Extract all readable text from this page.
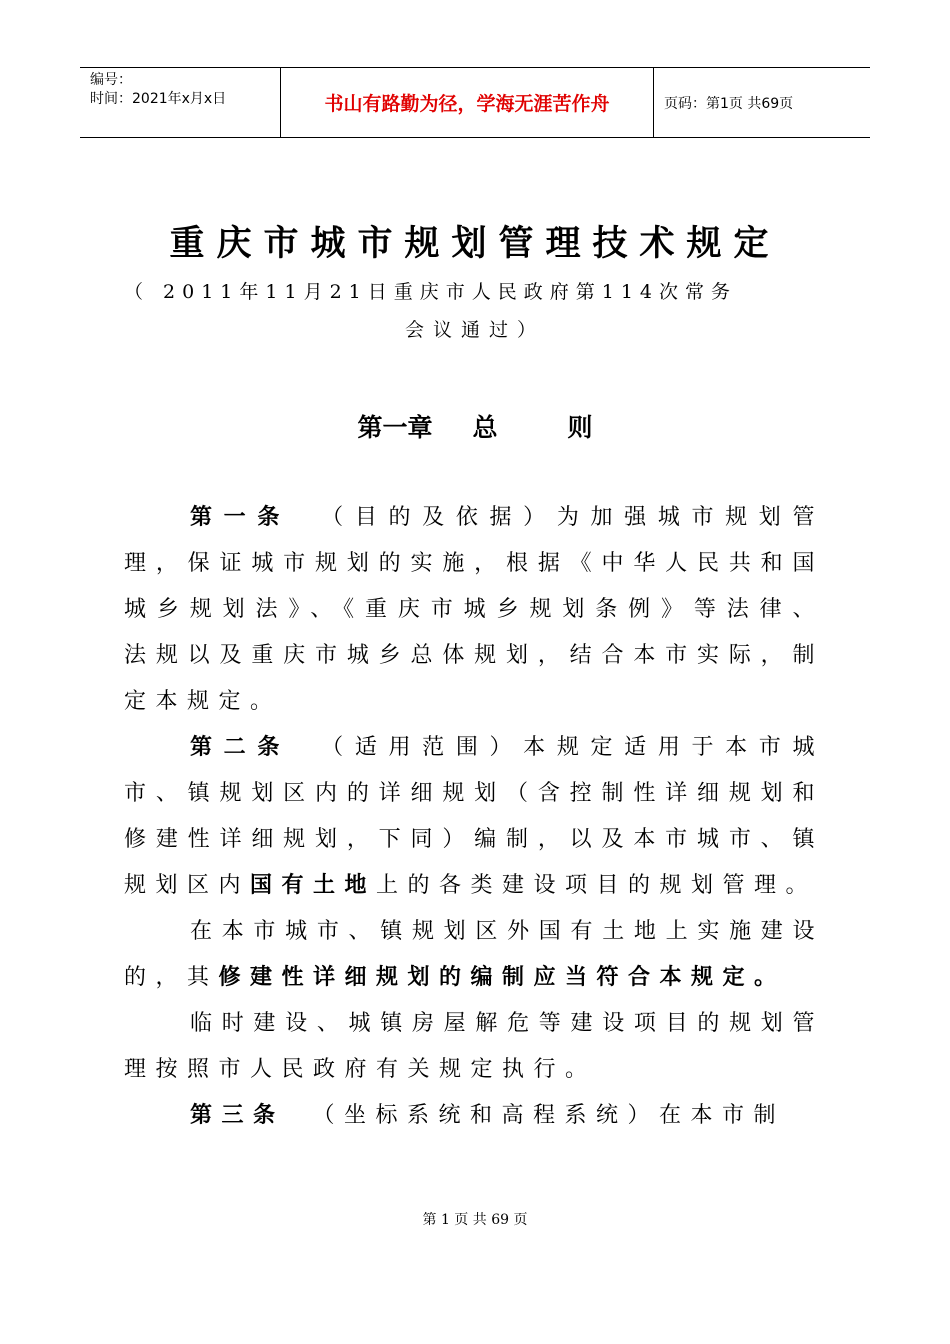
编号：
时间：2021年x月x日	书山有路勤为径，学海无涯苦作舟	页码：第1页 共69页
重庆市城市规划管理技术规定
（ 2011年11月21日重庆市人民政府第114次常务
会议通过）
第一章 总	则

第一条 （目的及依据）为加强城市规划管理，保证城市规划的实施，根据《中华人民共和国城乡规划法》、《重庆市城乡规划条例》等法律、法规以及重庆市城乡总体规划，结合本市实际，制定本规定。

第二条 （适用范围）本规定适用于本市城市、镇规划区内的详细规划（含控制性详细规划和修建性详细规划，下同）编制，以及本市城市、镇规划区内国有土地上的各类建设项目的规划管理。

在本市城市、镇规划区外国有土地上实施建设的，其修建性详细规划的编制应当符合本规定。

临时建设、城镇房屋解危等建设项目的规划管理按照市人民政府有关规定执行。

第三条 （坐标系统和高程系统）在本市制

第 1 页 共 69 页
